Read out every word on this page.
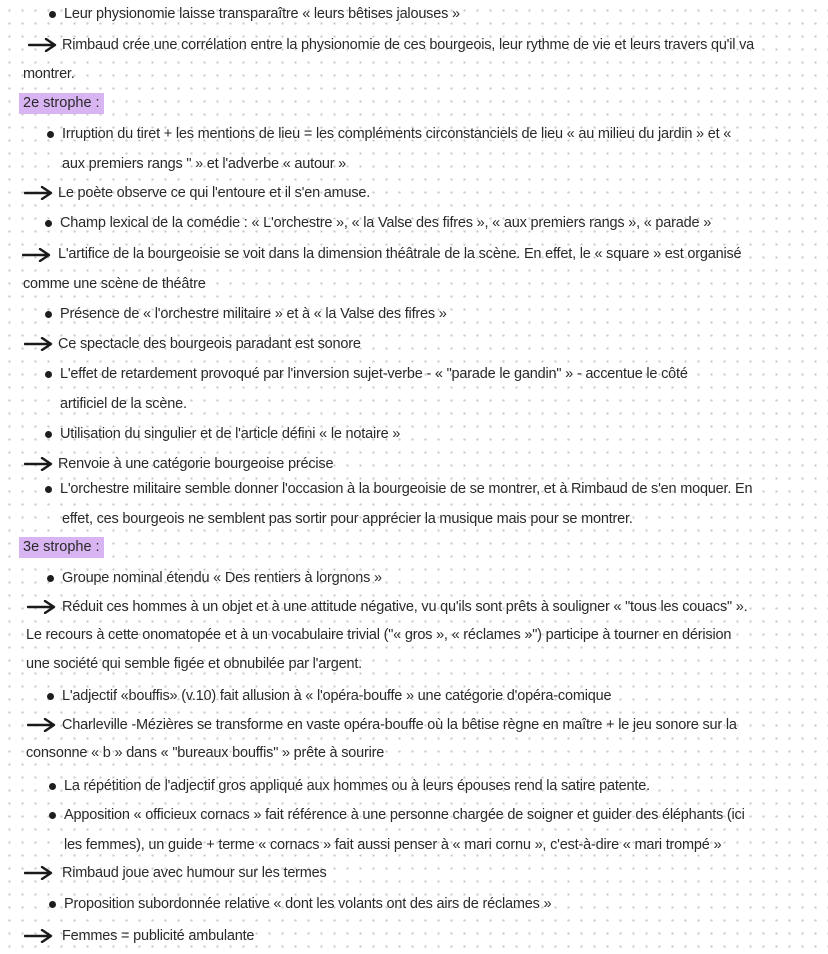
Leur physionomie laisse transparaître « leurs bêtises jalouses »
Rimbaud crée une corrélation entre la physionomie de ces bourgeois, leur rythme de vie et leurs travers qu'il va
montrer.
2e strophe :
Irruption du tiret + les mentions de lieu = les compléments circonstanciels de lieu « au milieu du jardin » et «
aux premiers rangs " » et l'adverbe « autour »
Le poète observe ce qui l'entoure et il s'en amuse.
Champ lexical de la comédie : « L'orchestre », « la Valse des fifres », « aux premiers rangs », « parade »
L'artifice de la bourgeoisie se voit dans la dimension théâtrale de la scène. En effet, le « square » est organisé
comme une scène de théâtre
Présence de « l'orchestre militaire » et à « la Valse des fifres »
Ce spectacle des bourgeois paradant est sonore
L'effet de retardement provoqué par l'inversion sujet-verbe - « "parade le gandin" » - accentue le côté
artificiel de la scène.
Utilisation du singulier et de l'article défini « le notaire »
Renvoie à une catégorie bourgeoise précise
L'orchestre militaire semble donner l'occasion à la bourgeoisie de se montrer, et à Rimbaud de s'en moquer. En
effet, ces bourgeois ne semblent pas sortir pour apprécier la musique mais pour se montrer.
3e strophe :
Groupe nominal étendu « Des rentiers à lorgnons »
Réduit ces hommes à un objet et à une attitude négative, vu qu'ils sont prêts à souligner « "tous les couacs" ».
Le recours à cette onomatopée et à un vocabulaire trivial ("« gros », « réclames »") participe à tourner en dérision
une société qui semble figée et obnubilée par l'argent.
L'adjectif «bouffis» (v.10) fait allusion à « l'opéra-bouffe » une catégorie d'opéra-comique
Charleville -Mézières se transforme en vaste opéra-bouffe où la bêtise règne en maître + le jeu sonore sur la
consonne « b » dans « "bureaux bouffis" » prête à sourire
La répétition de l'adjectif gros appliqué aux hommes ou à leurs épouses rend la satire patente.
Apposition « officieux cornacs » fait référence à une personne chargée de soigner et guider des éléphants (ici
les femmes), un guide + terme « cornacs » fait aussi penser à « mari cornu », c'est-à-dire « mari trompé »
Rimbaud joue avec humour sur les termes
Proposition subordonnée relative « dont les volants ont des airs de réclames »
Femmes = publicité ambulante
